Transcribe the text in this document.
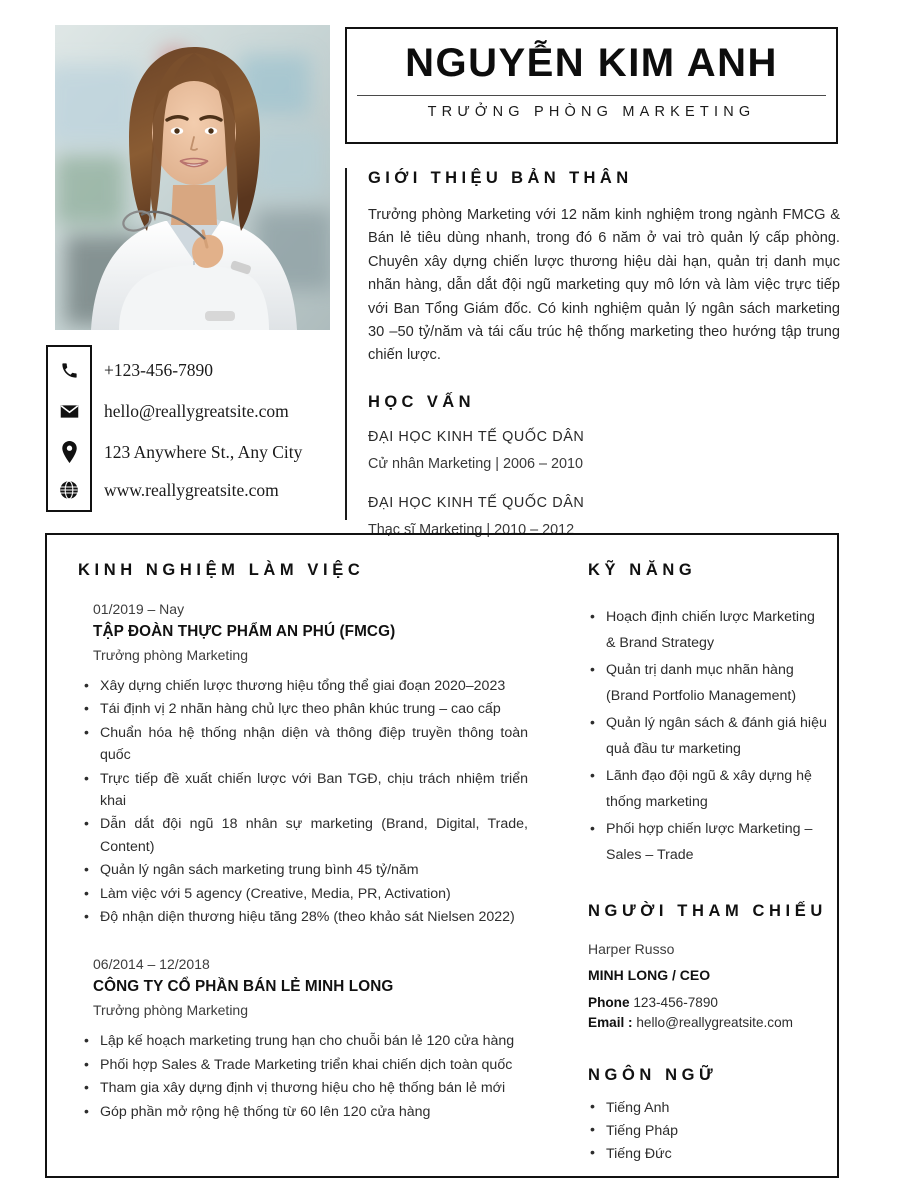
NGUYỄN KIM ANH
TRƯỞNG PHÒNG MARKETING
GIỚI THIỆU BẢN THÂN
Trưởng phòng Marketing với 12 năm kinh nghiệm trong ngành FMCG & Bán lẻ tiêu dùng nhanh, trong đó 6 năm ở vai trò quản lý cấp phòng. Chuyên xây dựng chiến lược thương hiệu dài hạn, quản trị danh mục nhãn hàng, dẫn dắt đội ngũ marketing quy mô lớn và làm việc trực tiếp với Ban Tổng Giám đốc. Có kinh nghiệm quản lý ngân sách marketing 30 –50 tỷ/năm và tái cấu trúc hệ thống marketing theo hướng tập trung chiến lược.
HỌC VẤN
ĐẠI HỌC KINH TẾ QUỐC DÂN
Cử nhân Marketing | 2006 – 2010
ĐẠI HỌC KINH TẾ QUỐC DÂN
Thạc sĩ Marketing | 2010 – 2012
+123-456-7890
hello@reallygreatsite.com
123 Anywhere St., Any City
www.reallygreatsite.com
KINH NGHIỆM LÀM VIỆC
01/2019 – Nay
TẬP ĐOÀN THỰC PHẨM AN PHÚ (FMCG)
Trưởng phòng Marketing
• Xây dựng chiến lược thương hiệu tổng thể giai đoạn 2020–2023
• Tái định vị 2 nhãn hàng chủ lực theo phân khúc trung – cao cấp
• Chuẩn hóa hệ thống nhận diện và thông điệp truyền thông toàn quốc
• Trực tiếp đề xuất chiến lược với Ban TGĐ, chịu trách nhiệm triển khai
• Dẫn dắt đội ngũ 18 nhân sự marketing (Brand, Digital, Trade, Content)
• Quản lý ngân sách marketing trung bình 45 tỷ/năm
• Làm việc với 5 agency (Creative, Media, PR, Activation)
• Độ nhận diện thương hiệu tăng 28% (theo khảo sát Nielsen 2022)
06/2014 – 12/2018
CÔNG TY CỔ PHẦN BÁN LẺ MINH LONG
Trưởng phòng Marketing
• Lập kế hoạch marketing trung hạn cho chuỗi bán lẻ 120 cửa hàng
• Phối hợp Sales & Trade Marketing triển khai chiến dịch toàn quốc
• Tham gia xây dựng định vị thương hiệu cho hệ thống bán lẻ mới
• Góp phần mở rộng hệ thống từ 60 lên 120 cửa hàng
KỸ NĂNG
• Hoạch định chiến lược Marketing & Brand Strategy
• Quản trị danh mục nhãn hàng (Brand Portfolio Management)
• Quản lý ngân sách & đánh giá hiệu quả đầu tư marketing
• Lãnh đạo đội ngũ & xây dựng hệ thống marketing
• Phối hợp chiến lược Marketing – Sales – Trade
NGƯỜI THAM CHIẾU
Harper Russo
MINH LONG / CEO
Phone 123-456-7890
Email : hello@reallygreatsite.com
NGÔN NGỮ
• Tiếng Anh
• Tiếng Pháp
• Tiếng Đức
